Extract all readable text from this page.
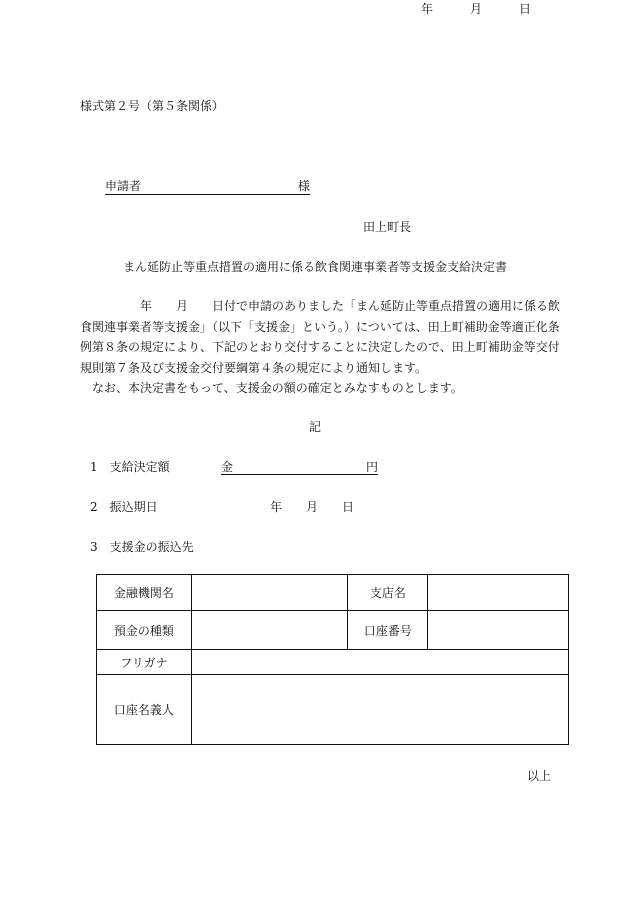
様式第２号（第５条関係）
年	月	日
申請者	様
田上町長
まん延防止等重点措置の適用に係る飲食関連事業者等支援金支給決定書

年　　月　　日付で申請のありました「まん延防止等重点措置の適用に係る飲食関連事業者等支援金」（以下「支援金」という。）については、田上町補助金等適正化条例第８条の規定により、下記のとおり交付することに決定したので、田上町補助金等交付規則第７条及び支援金交付要綱第４条の規定により通知します。

なお、本決定書をもって、支援金の額の確定とみなすものとします。

記
1　支給決定額	金	円
2　振込期日	年 月 日
3　支援金の振込先
金融機関名		支店名	
預金の種類		口座番号	
フリガナ			
口座名義人			
以上
